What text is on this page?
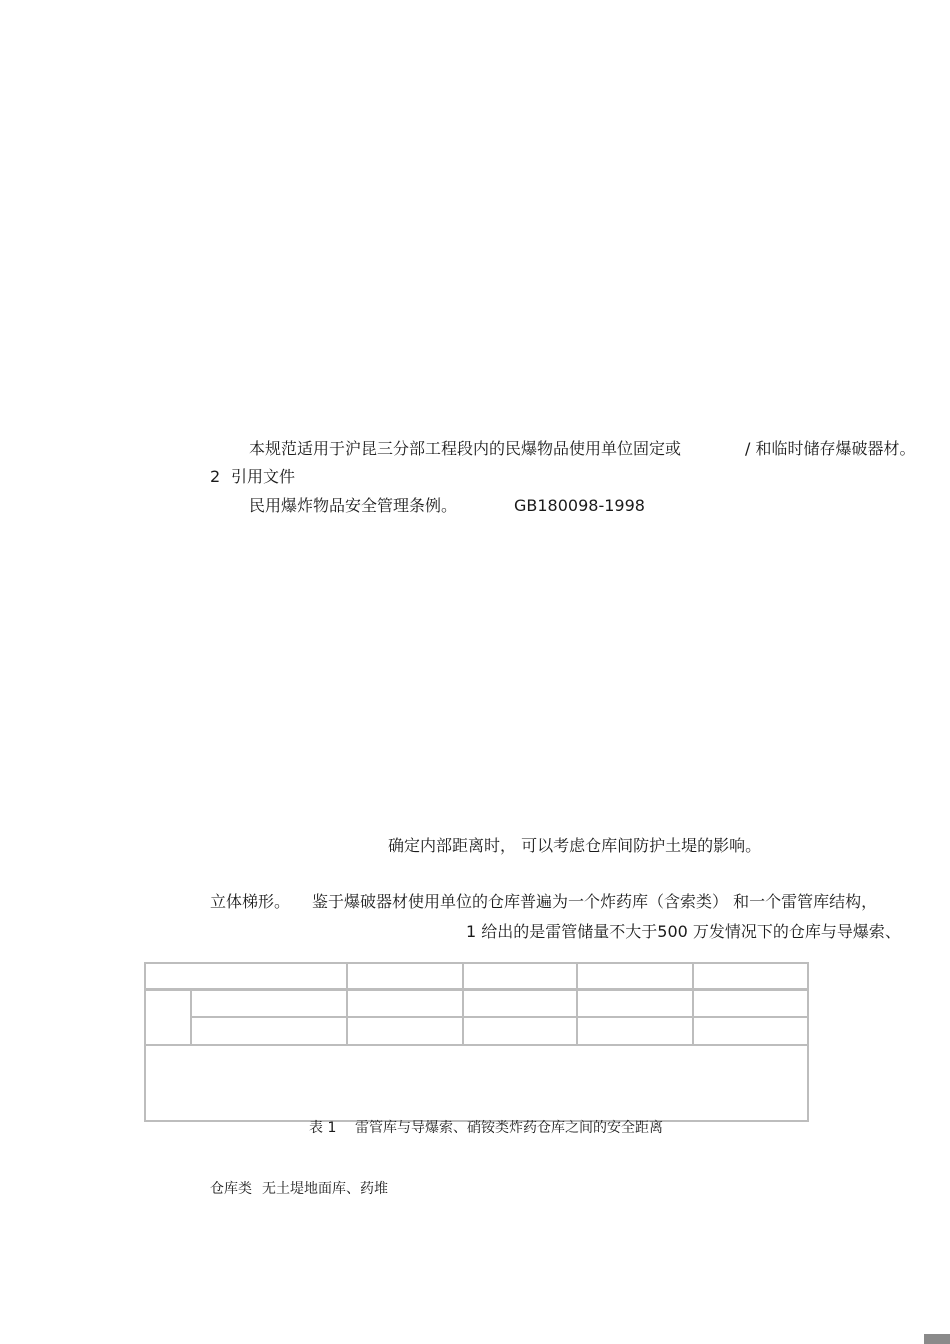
本规范适用于沪昆三分部工程段内的民爆物品使用单位固定或	/ 和临时储存爆破器材。
2 引用文件
民用爆炸物品安全管理条例。	GB180098-1998
确定内部距离时， 可以考虑仓库间防护土堤的影响。
立体梯形。 鉴于爆破器材使用单位的仓库普遍为一个炸药库（含索类） 和一个雷管库结构，
1 给出的是雷管储量不大于500 万发情况下的仓库与导爆索、
表 1 雷管库与导爆索、硝铵类炸药仓库之间的安全距离
仓库类 无土堤地面库、药堆
